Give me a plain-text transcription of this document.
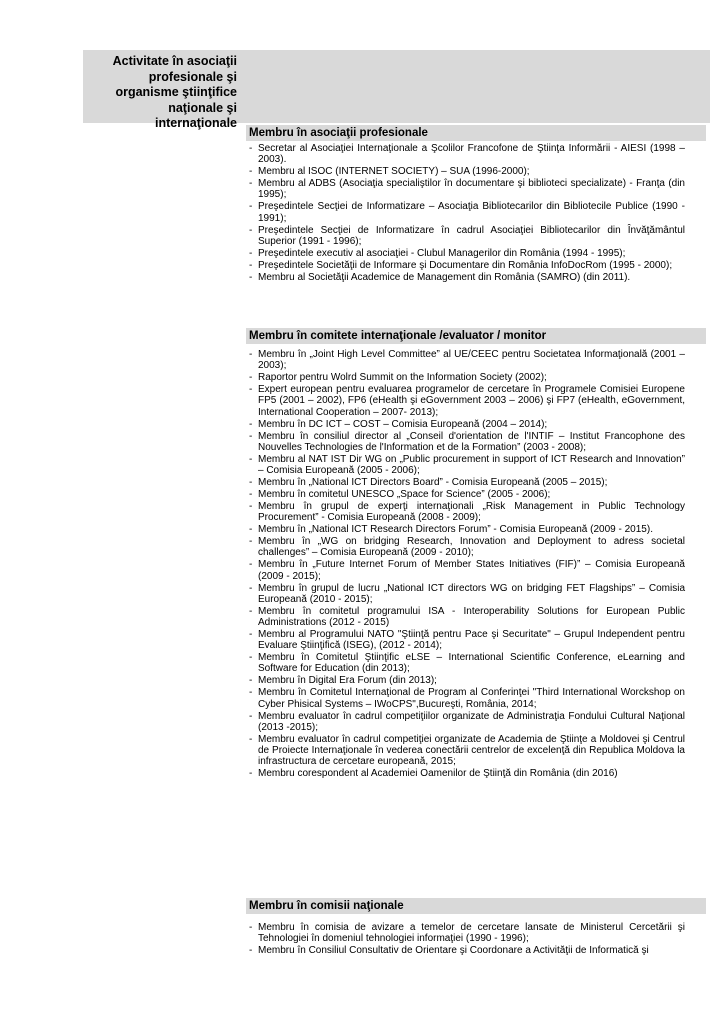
Activitate în asociaţii profesionale şi organisme ştiinţifice naţionale şi internaţionale
Membru în asociaţii profesionale
- Secretar al Asociaţiei Internaţionale a Şcolilor Francofone de Ştiinţa Informării - AIESI (1998 – 2003).
- Membru al ISOC (INTERNET SOCIETY) – SUA (1996-2000);
- Membru al ADBS (Asociaţia specialiştilor în documentare şi biblioteci specializate) - Franţa (din 1995);
- Preşedintele Secţiei de Informatizare – Asociaţia Bibliotecarilor din Bibliotecile Publice (1990 - 1991);
- Preşedintele Secţiei de Informatizare în cadrul Asociaţiei Bibliotecarilor din Învăţământul Superior (1991 - 1996);
- Preşedintele executiv al asociaţiei - Clubul Managerilor din România (1994 - 1995);
- Preşedintele Societăţii de Informare şi Documentare din România InfoDocRom (1995 - 2000);
- Membru al Societăţii Academice de Management din România (SAMRO) (din 2011).
Membru în comitete internaţionale /evaluator / monitor
- Membru în „Joint High Level Committee” al UE/CEEC pentru Societatea Informaţională (2001 – 2003);
- Raportor pentru Wolrd Summit on the Information Society (2002);
- Expert european pentru evaluarea programelor de cercetare în Programele Comisiei Europene FP5 (2001 – 2002), FP6 (eHealth şi eGovernment 2003 – 2006) şi FP7 (eHealth, eGovernment, International Cooperation – 2007- 2013);
- Membru în DC ICT – COST – Comisia Europeană (2004 – 2014);
- Membru în consiliul director al „Conseil d'orientation de l'INTIF – Institut Francophone des Nouvelles Technologies de l'Information et de la Formation” (2003 - 2008);
- Membru al NAT IST Dir WG on „Public procurement in support of ICT Research and Innovation” – Comisia Europeană (2005 - 2006);
- Membru în „National ICT Directors Board” - Comisia Europeană (2005 – 2015);
- Membru în comitetul UNESCO „Space for Science” (2005 - 2006);
- Membru în grupul de experţi internaţionali „Risk Management in Public Technology Procurement” - Comisia Europeană (2008 - 2009);
- Membru în „National ICT Research Directors Forum” - Comisia Europeană (2009 - 2015).
- Membru în „WG on bridging Research, Innovation and Deployment to adress societal challenges” – Comisia Europeană (2009 - 2010);
- Membru în „Future Internet Forum of Member States Initiatives (FIF)” – Comisia Europeană (2009 - 2015);
- Membru în grupul de lucru „National ICT directors WG on bridging FET Flagships” – Comisia Europeană (2010 - 2015);
- Membru în comitetul programului ISA - Interoperability Solutions for European Public Administrations (2012 - 2015)
- Membru al Programului NATO "Ştiinţă pentru Pace şi Securitate" – Grupul Independent pentru Evaluare Ştiinţifică (ISEG), (2012 - 2014);
- Membru în Comitetul Ştiinţific eLSE – International Scientific Conference, eLearning and Software for Education (din 2013);
- Membru în Digital Era Forum (din 2013);
- Membru în Comitetul Internaţional de Program al Conferinţei "Third International Worckshop on Cyber Phisical Systems – IWoCPS",Bucureşti, România, 2014;
- Membru evaluator în cadrul competiţiilor organizate de Administraţia Fondului Cultural Naţional (2013 -2015);
- Membru evaluator în cadrul competiţiei organizate de Academia de Ştiinţe a Moldovei şi Centrul de Proiecte Internaţionale în vederea conectării centrelor de excelenţă din Republica Moldova la infrastructura de cercetare europeană, 2015;
- Membru corespondent al Academiei Oamenilor de Ştiinţă din România (din 2016)
Membru în comisii naţionale
- Membru în comisia de avizare a temelor de cercetare lansate de Ministerul Cercetării şi Tehnologiei în domeniul tehnologiei informaţiei (1990 - 1996);
- Membru în Consiliul Consultativ de Orientare şi Coordonare a Activităţii de Informatică şi
